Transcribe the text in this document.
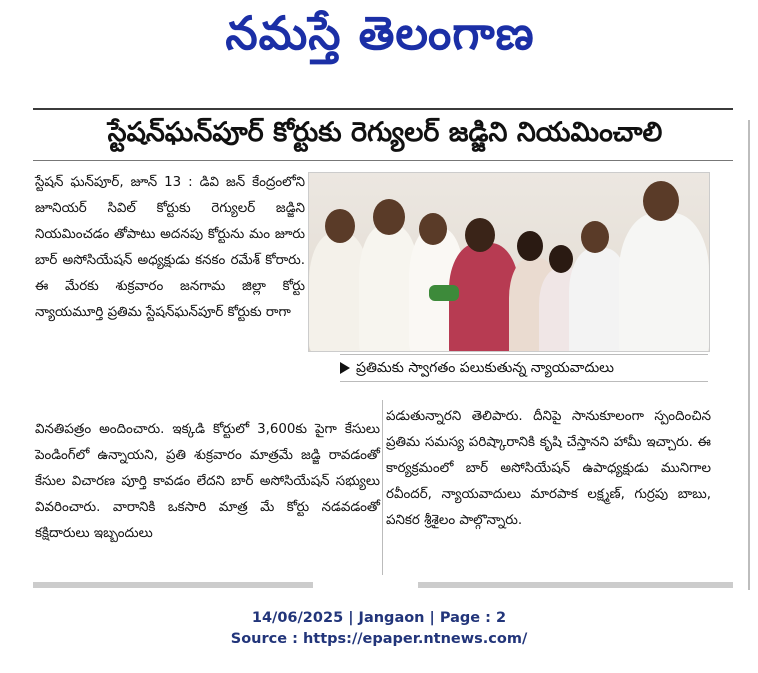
నమస్తే తెలంగాణ
స్టేషన్‌ఘన్‌పూర్ కోర్టుకు రెగ్యులర్ జడ్జిని నియమించాలి

స్టేషన్ ఘన్‌పూర్, జూన్ 13 : డివి జన్ కేంద్రంలోని జూనియర్ సివిల్ కోర్టుకు రెగ్యులర్ జడ్జిని నియమించడం తోపాటు అదనపు కోర్టును మం జూరు బార్ అసోసియేషన్ అధ్యక్షుడు కనకం రమేశ్ కోరారు. ఈ మేరకు శుక్రవారం జనగామ జిల్లా కోర్టు న్యాయమూర్తి ప్రతిమ స్టేషన్‌ఘన్‌పూర్ కోర్టుకు రాగా

ప్రతిమకు స్వాగతం పలుకుతున్న న్యాయవాదులు

వినతిపత్రం అందించారు. ఇక్కడి కోర్టులో 3,600కు పైగా కేసులు పెండింగ్‌లో ఉన్నాయని, ప్రతి శుక్రవారం మాత్రమే జడ్జి రావడంతో కేసుల విచారణ పూర్తి కావడం లేదని బార్ అసోసియేషన్ సభ్యులు వివరించారు. వారానికి ఒకసారి మాత్ర మే కోర్టు నడవడంతో కక్షిదారులు ఇబ్బందులు

పడుతున్నారని తెలిపారు. దీనిపై సానుకూలంగా స్పందించిన ప్రతిమ సమస్య పరిష్కారానికి కృషి చేస్తానని హామీ ఇచ్చారు. ఈ కార్యక్రమంలో బార్ అసోసియేషన్ ఉపాధ్యక్షుడు మునిగాల రవీందర్, న్యాయవాదులు మారపాక లక్ష్మణ్, గుర్రపు బాబు, పనికర శ్రీశైలం పాల్గొన్నారు.

14/06/2025 | Jangaon | Page : 2
Source : https://epaper.ntnews.com/
